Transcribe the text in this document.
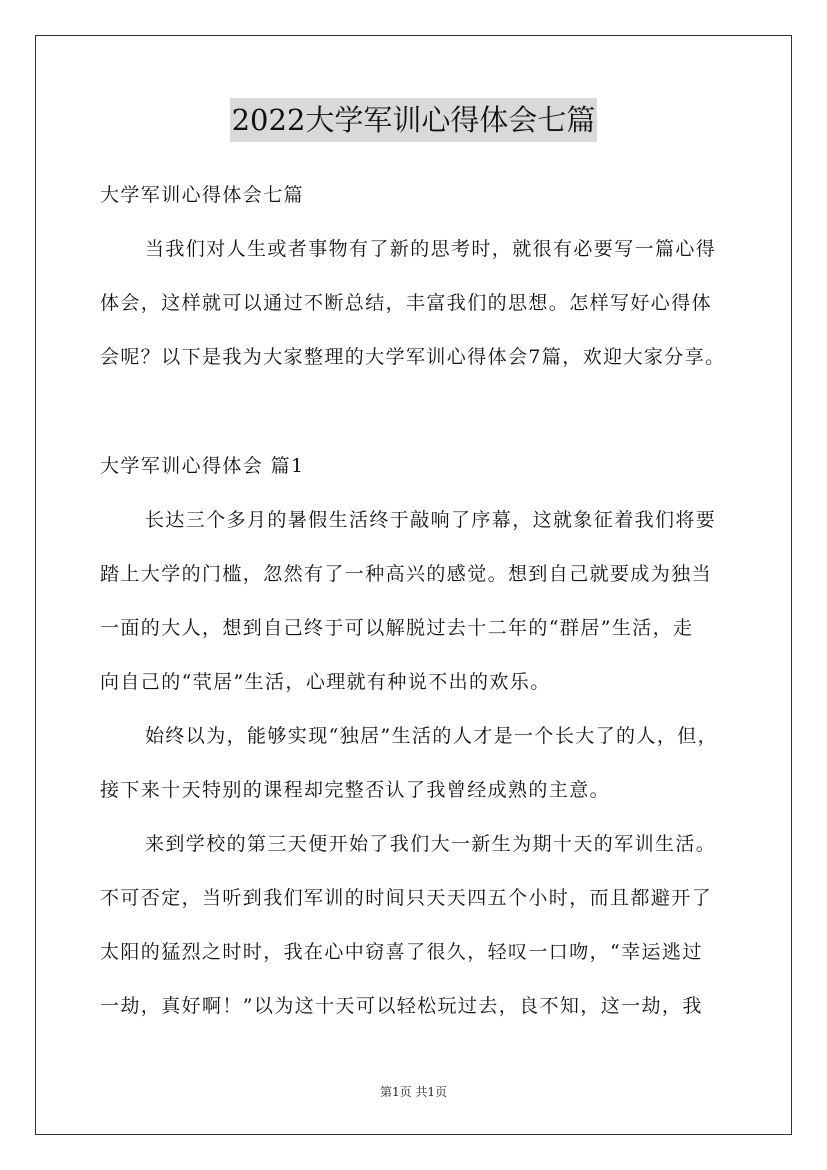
2022大学军训心得体会七篇
大学军训心得体会七篇
当我们对人生或者事物有了新的思考时，就很有必要写一篇心得
体会，这样就可以通过不断总结，丰富我们的思想。怎样写好心得体
会呢？以下是我为大家整理的大学军训心得体会7篇，欢迎大家分享。
大学军训心得体会 篇1
长达三个多月的暑假生活终于敲响了序幕，这就象征着我们将要
踏上大学的门槛，忽然有了一种高兴的感觉。想到自己就要成为独当
一面的大人，想到自己终于可以解脱过去十二年的“群居”生活，走
向自己的“茕居”生活，心理就有种说不出的欢乐。
始终以为，能够实现“独居”生活的人才是一个长大了的人，但，
接下来十天特别的课程却完整否认了我曾经成熟的主意。
来到学校的第三天便开始了我们大一新生为期十天的军训生活。
不可否定，当听到我们军训的时间只天天四五个小时，而且都避开了
太阳的猛烈之时时，我在心中窃喜了很久，轻叹一口吻，“幸运逃过
一劫，真好啊！”以为这十天可以轻松玩过去，良不知，这一劫，我
第1页 共1页
